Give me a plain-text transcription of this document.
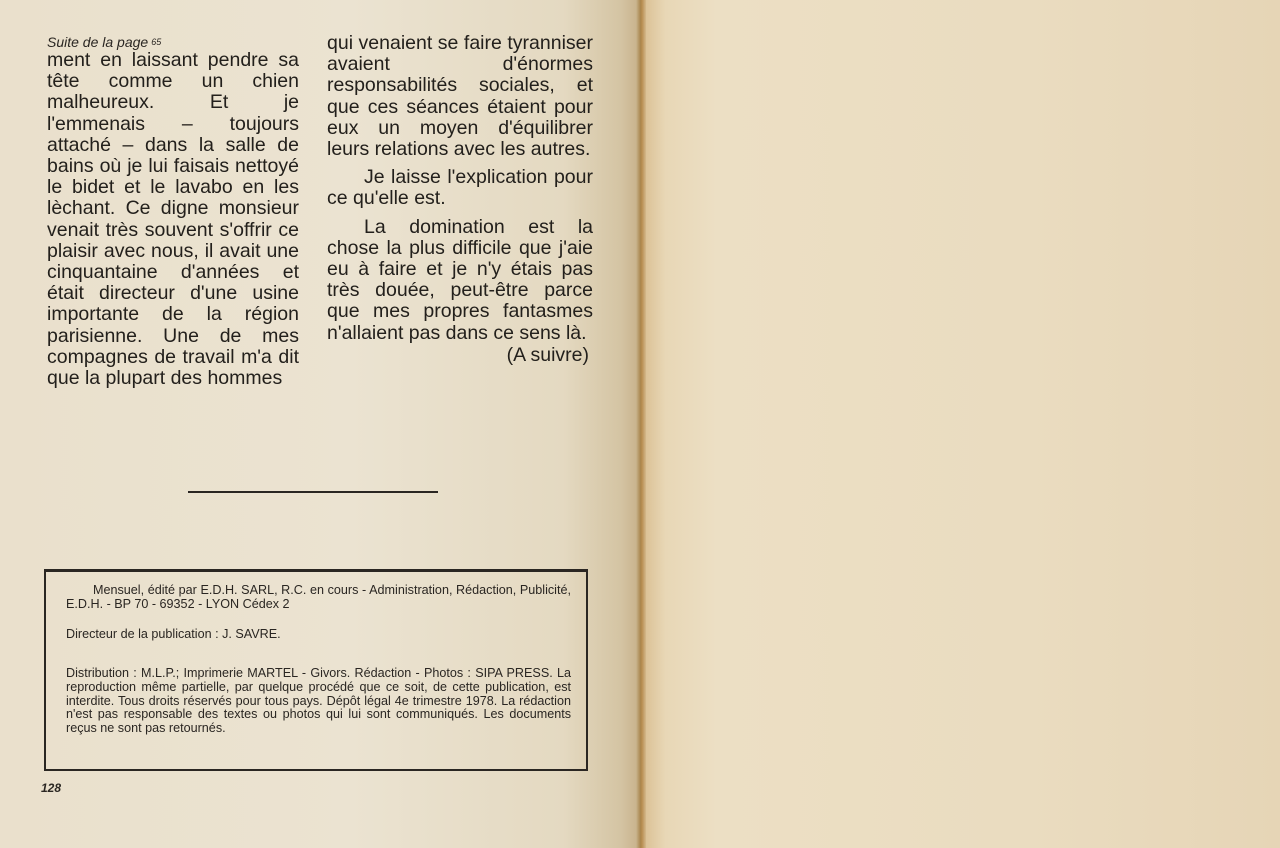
Suite de la page $^{65}$

ment en laissant pendre sa tête comme un chien malheureux. Et je l'emmenais – toujours attaché – dans la salle de bains où je lui faisais nettoyé le bidet et le lavabo en les lèchant. Ce digne monsieur venait très souvent s'offrir ce plaisir avec nous, il avait une cinquantaine d'années et était directeur d'une usine importante de la région parisienne. Une de mes compagnes de travail m'a dit que la plupart des hommes

qui venaient se faire tyranniser avaient d'énormes responsabilités sociales, et que ces séances étaient pour eux un moyen d'équilibrer leurs relations avec les autres.

Je laisse l'explication pour ce qu'elle est.

La domination est la chose la plus difficile que j'aie eu à faire et je n'y étais pas très douée, peut-être parce que mes propres fantasmes n'allaient pas dans ce sens là.

(A suivre)

Mensuel, édité par E.D.H. SARL, R.C. en cours - Administration, Rédaction, Publicité, E.D.H. - BP 70 - 69352 - LYON Cédex 2
Directeur de la publication : J. SAVRE.
Distribution : M.L.P.; Imprimerie MARTEL - Givors. Rédaction - Photos : SIPA PRESS. La reproduction même partielle, par quelque procédé que ce soit, de cette publication, est interdite. Tous droits réservés pour tous pays. Dépôt légal 4e trimestre 1978. La rédaction n'est pas responsable des textes ou photos qui lui sont communiqués. Les documents reçus ne sont pas retournés.
128
